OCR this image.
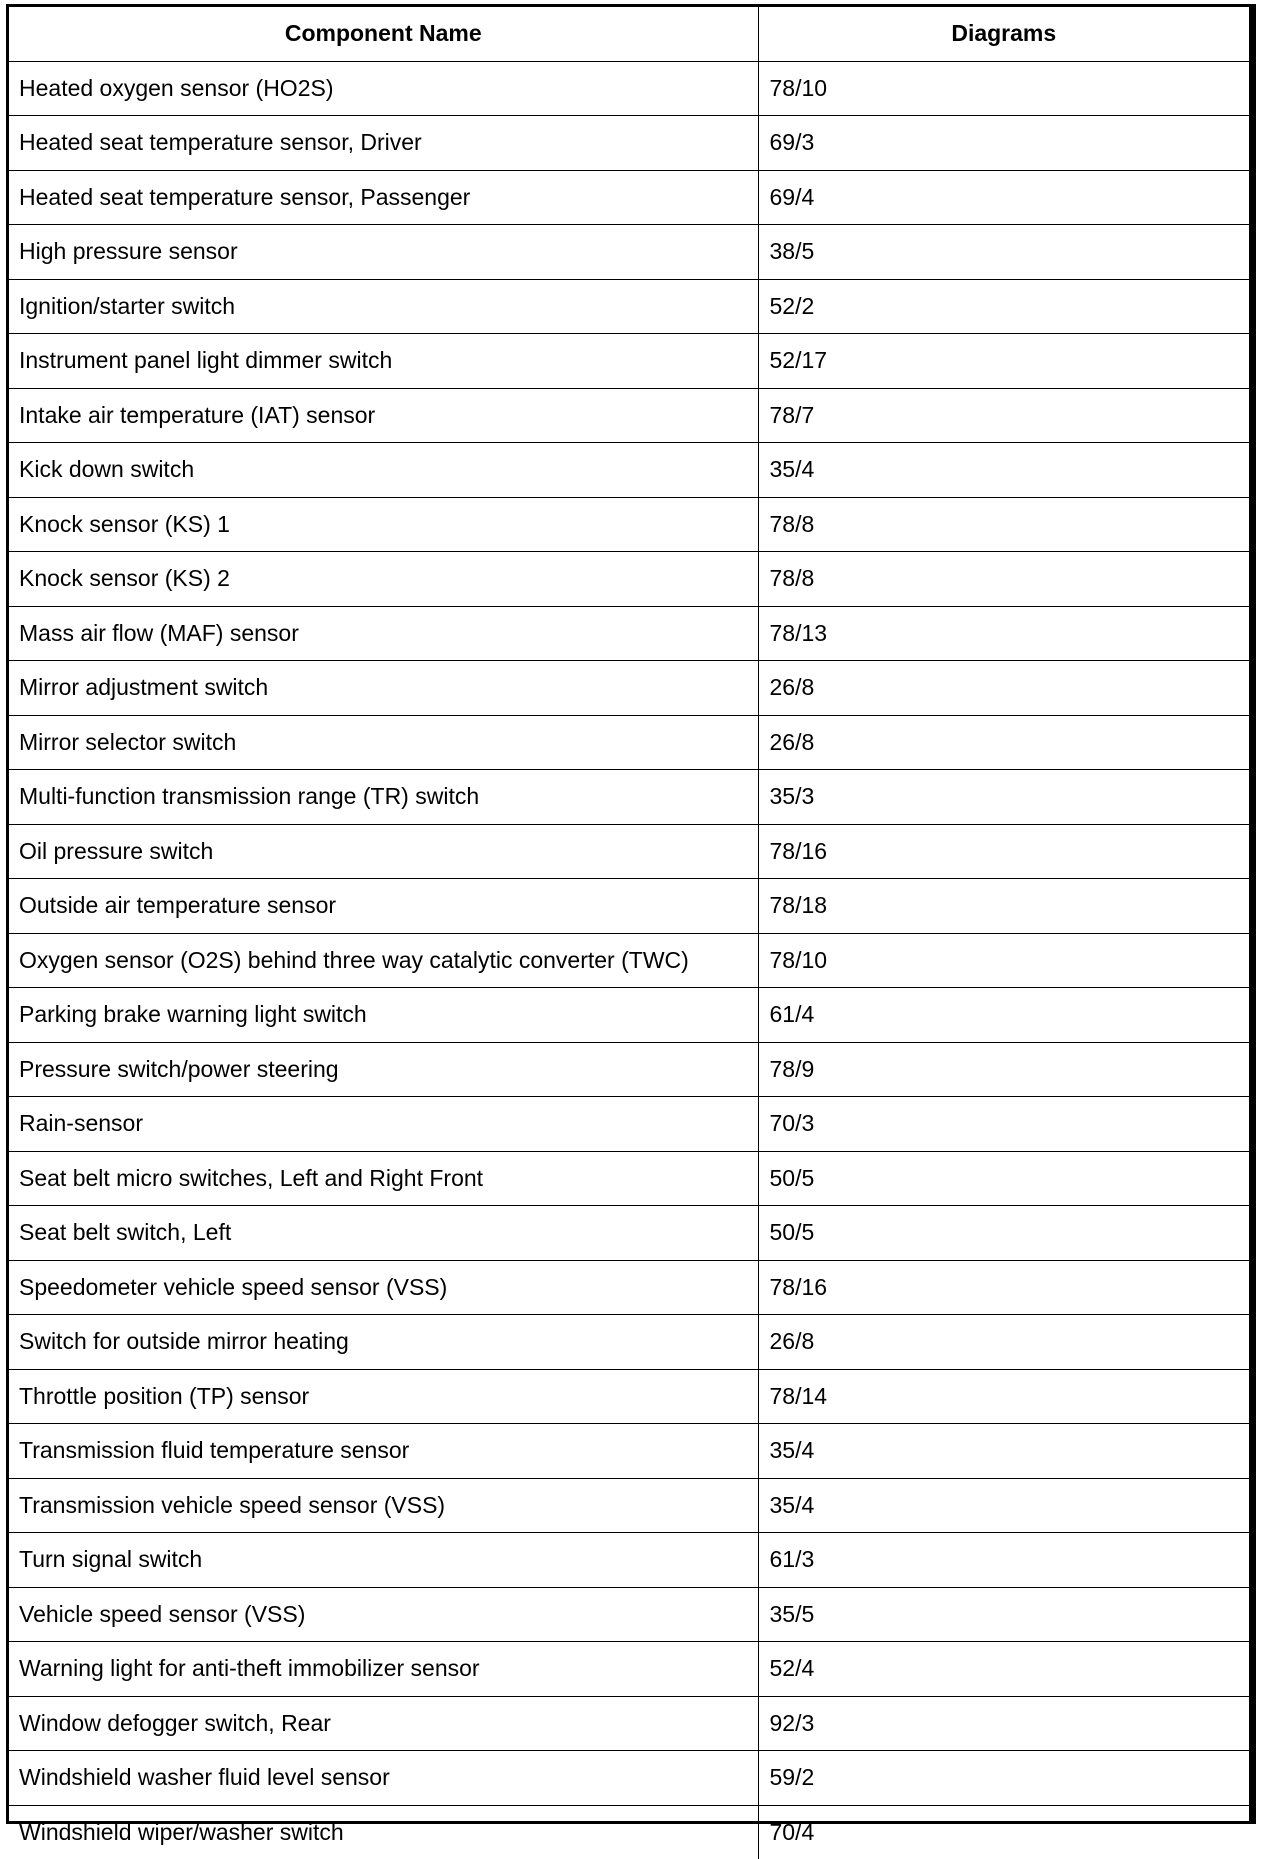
Component Name	Diagrams
Heated oxygen sensor (HO2S)	78/10
Heated seat temperature sensor, Driver	69/3
Heated seat temperature sensor, Passenger	69/4
High pressure sensor	38/5
Ignition/starter switch	52/2
Instrument panel light dimmer switch	52/17
Intake air temperature (IAT) sensor	78/7
Kick down switch	35/4
Knock sensor (KS) 1	78/8
Knock sensor (KS) 2	78/8
Mass air flow (MAF) sensor	78/13
Mirror adjustment switch	26/8
Mirror selector switch	26/8
Multi-function transmission range (TR) switch	35/3
Oil pressure switch	78/16
Outside air temperature sensor	78/18
Oxygen sensor (O2S) behind three way catalytic converter (TWC)	78/10
Parking brake warning light switch	61/4
Pressure switch/power steering	78/9
Rain-sensor	70/3
Seat belt micro switches, Left and Right Front	50/5
Seat belt switch, Left	50/5
Speedometer vehicle speed sensor (VSS)	78/16
Switch for outside mirror heating	26/8
Throttle position (TP) sensor	78/14
Transmission fluid temperature sensor	35/4
Transmission vehicle speed sensor (VSS)	35/4
Turn signal switch	61/3
Vehicle speed sensor (VSS)	35/5
Warning light for anti-theft immobilizer sensor	52/4
Window defogger switch, Rear	92/3
Windshield washer fluid level sensor	59/2
Windshield wiper/washer switch	70/4
